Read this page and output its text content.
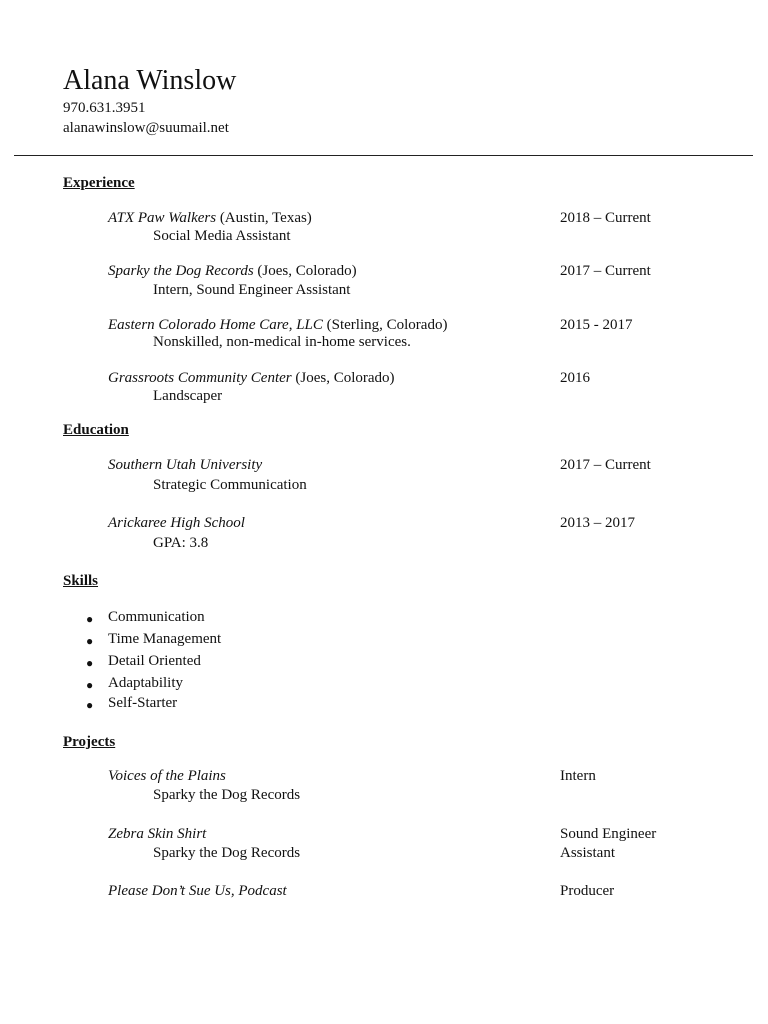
Alana Winslow
970.631.3951
alanawinslow@suumail.net
Experience
ATX Paw Walkers (Austin, Texas)
Social Media Assistant
2018 – Current
Sparky the Dog Records (Joes, Colorado)
Intern, Sound Engineer Assistant
2017 – Current
Eastern Colorado Home Care, LLC (Sterling, Colorado)
Nonskilled, non-medical in-home services.
2015 - 2017
Grassroots Community Center (Joes, Colorado)
Landscaper
2016
Education
Southern Utah University
Strategic Communication
2017 – Current
Arickaree High School
GPA: 3.8
2013 – 2017
Skills
● Communication
● Time Management
● Detail Oriented
● Adaptability
● Self-Starter
Projects
Voices of the Plains
Sparky the Dog Records
Intern
Zebra Skin Shirt
Sparky the Dog Records
Sound Engineer
Assistant
Please Don’t Sue Us, Podcast	Producer
